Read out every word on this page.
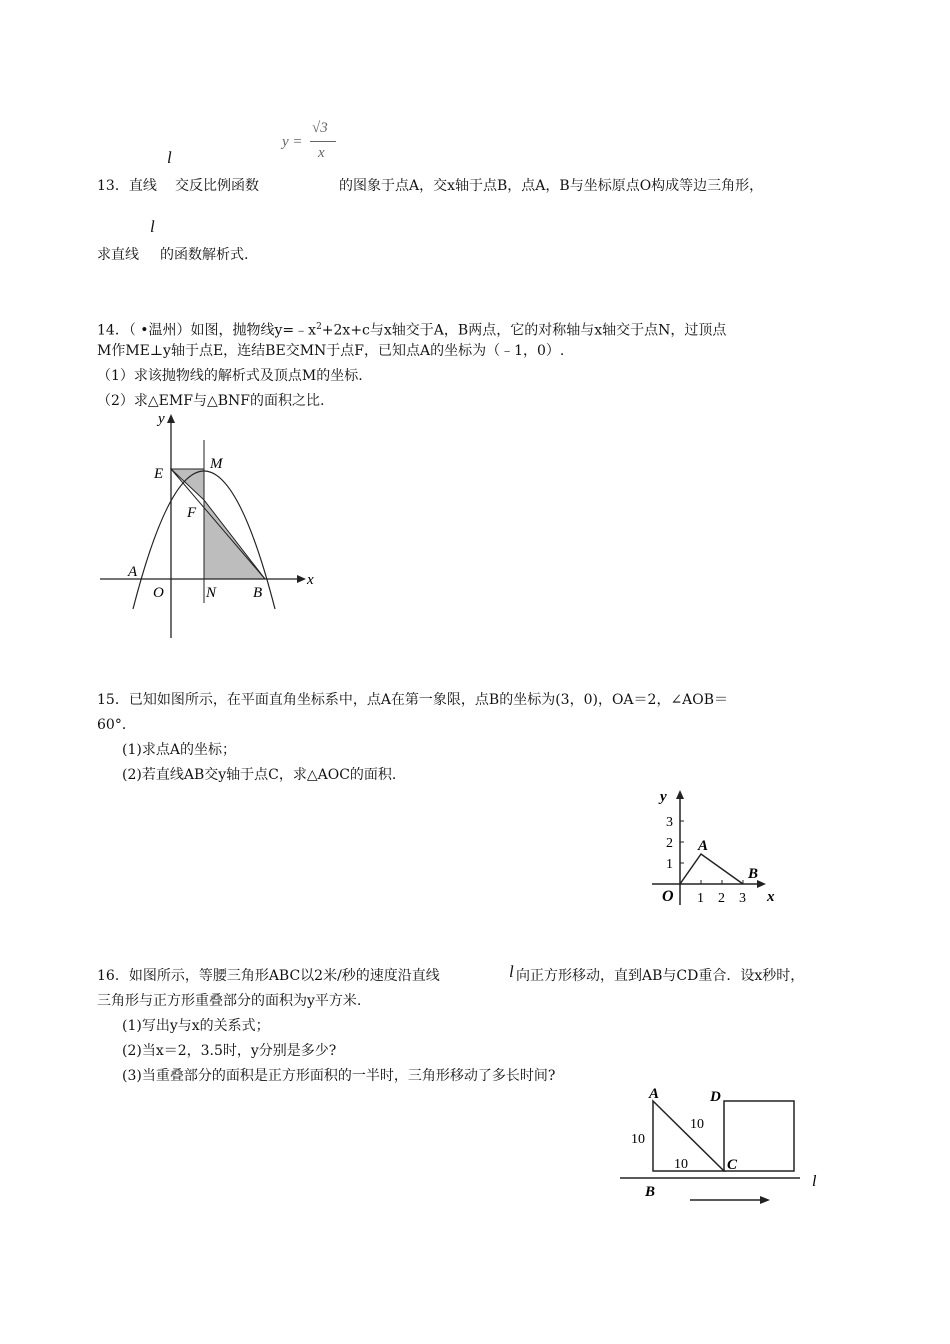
y =
√3
x
l
13．直线 交反比例函数	的图象于点A，交x轴于点B，点A，B与坐标原点O构成等边三角形，
l
求直线 的函数解析式.
14．（ •温州）如图，抛物线$y=﹣x^2+2x+c$与x轴交于A，B两点，它的对称轴与x轴交于点N，过顶点
M作ME⊥y轴于点E，连结BE交MN于点F，已知点A的坐标为（﹣1，0）.
（1）求该抛物线的解析式及顶点M的坐标.
（2）求△EMF与△BNF的面积之比.
y
E
M
F
A
O	N B
x
15．已知如图所示，在平面直角坐标系中，点A在第一象限，点B的坐标为(3，0)，OA＝2，∠AOB＝
60°．
(1)求点A的坐标；
(2)若直线AB交y轴于点C，求△AOC的面积.
y
3
2
1
A
B
O 1 2 3 x
16．如图所示，等腰三角形ABC以2米/秒的速度沿直线	l 向正方形移动，直到AB与CD重合．设x秒时，
三角形与正方形重叠部分的面积为y平方米.
(1)写出y与x的关系式；
(2)当x＝2，3.5时，y分别是多少?
(3)当重叠部分的面积是正方形面积的一半时，三角形移动了多长时间?
A	D
C
B
l
10
10
10
